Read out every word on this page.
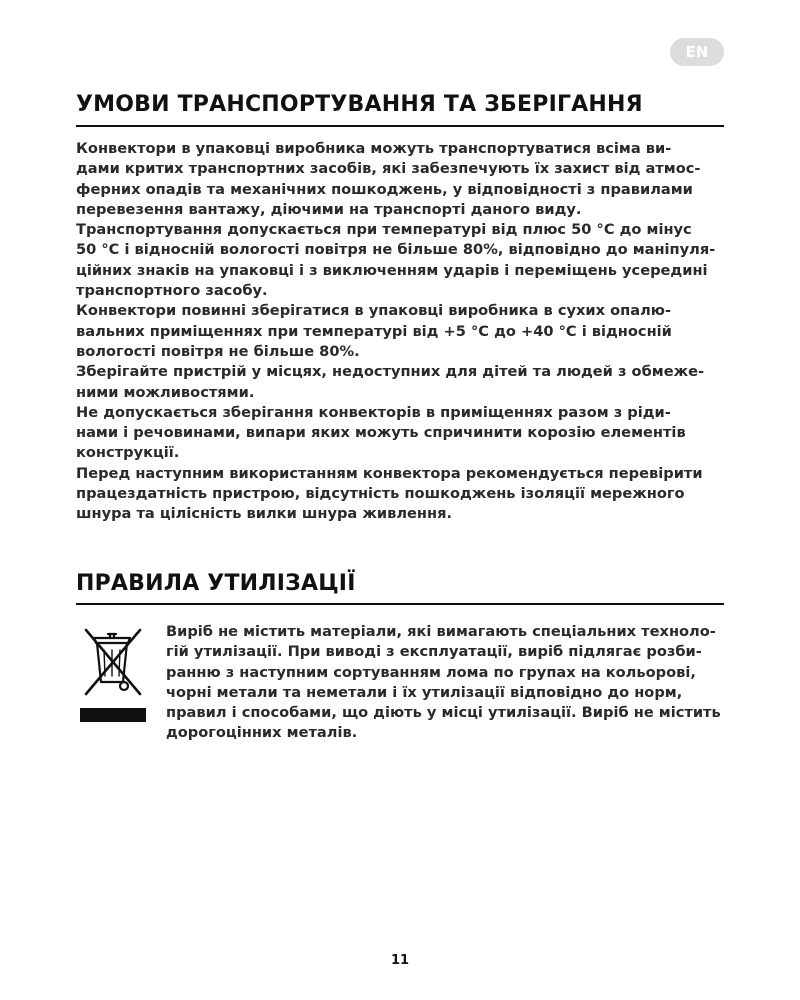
EN
УМОВИ ТРАНСПОРТУВАННЯ ТА ЗБЕРІГАННЯ

Конвектори в упаковці виробника можуть транспортуватися всіма ви-
дами критих транспортних засобів, які забезпечують їх захист від атмос-
ферних опадів та механічних пошкоджень, у відповідності з правилами
перевезення вантажу, діючими на транспорті даного виду.

Транспортування допускається при температурі від плюс 50 °С до мінус
50 °С і відносній вологості повітря не більше 80%, відповідно до маніпуля-
ційних знаків на упаковці і з виключенням ударів і переміщень усередині
транспортного засобу.

Конвектори повинні зберігатися в упаковці виробника в сухих опалю-
вальних приміщеннях при температурі від +5 °С до +40 °С і відносній
вологості повітря не більше 80%.

Зберігайте пристрій у місцях, недоступних для дітей та людей з обмеже-
ними можливостями.

Не допускається зберігання конвекторів в приміщеннях разом з ріди-
нами і речовинами, випари яких можуть спричинити корозію елементів
конструкції.

Перед наступним використанням конвектора рекомендується перевірити
працездатність пристрою, відсутність пошкоджень ізоляції мережного
шнура та цілісність вилки шнура живлення.

ПРАВИЛА УТИЛІЗАЦІЇ

Виріб не містить матеріали, які вимагають спеціальних техноло-
гій утилізації. При виводі з експлуатації, виріб підлягає розби-
ранню з наступним сортуванням лома по групах на кольорові,
чорні метали та неметали і їх утилізації відповідно до норм,
правил і способами, що діють у місці утилізації. Виріб не містить
дорогоцінних металів.

11
